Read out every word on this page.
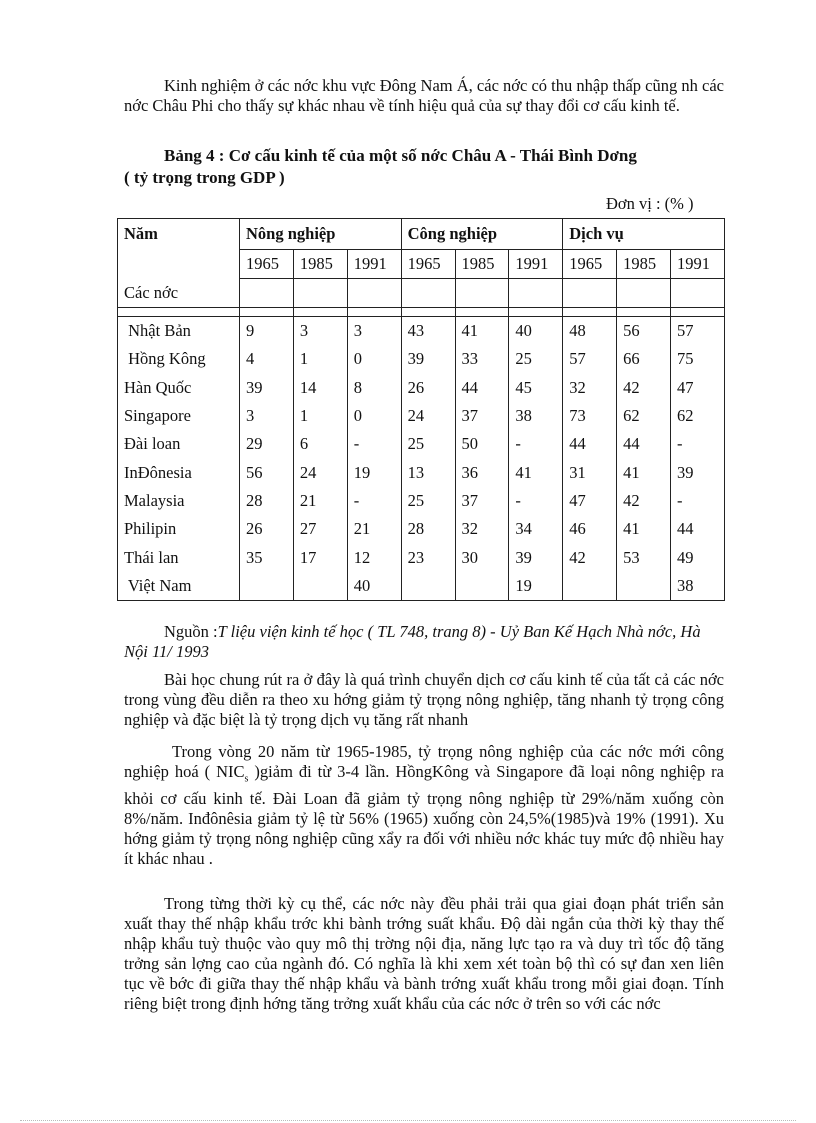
Kinh nghiệm ở các nớc khu vực Đông Nam Á, các nớc có thu nhập thấp cũng nh các nớc Châu Phi cho thấy sự khác nhau về tính hiệu quả của sự thay đổi cơ cấu kinh tế.

Bảng 4 : Cơ cấu kinh tế của một số nớc Châu A - Thái Bình Dơng
( tỷ trọng trong GDP )

Đơn vị : (% )
Năm	Nông nghiệp			Công nghiệp			Dịch vụ		
	1965	1985	1991	1965	1985	1991	1965	1985	1991
Các nớc									

Nhật Bản	9	3	3	43	41	40	48	56	57
Hồng Kông	4	1	0	39	33	25	57	66	75
Hàn Quốc	39	14	8	26	44	45	32	42	47
Singapore	3	1	0	24	37	38	73	62	62
Đài loan	29	6	-	25	50	-	44	44	-
InĐônesia	56	24	19	13	36	41	31	41	39
Malaysia	28	21	-	25	37	-	47	42	-
Philipin	26	27	21	28	32	34	46	41	44
Thái lan	35	17	12	23	30	39	42	53	49
Việt Nam			40			19			38

Nguồn :T liệu viện kinh tế học ( TL 748, trang 8) - Uỷ Ban Kế Hạch Nhà nớc, Hà Nội 11/ 1993

Bài học chung rút ra ở đây là quá trình chuyển dịch cơ cấu kinh tế của tất cả các nớc trong vùng đều diễn ra theo xu hớng giảm tỷ trọng nông nghiệp, tăng nhanh tỷ trọng công nghiệp và đặc biệt là tỷ trọng dịch vụ tăng rất nhanh

Trong vòng 20 năm từ 1965-1985, tỷ trọng nông nghiệp của các nớc mới công nghiệp hoá ( $NIC_s$ )giảm đi từ 3-4 lần. HồngKông và Singapore đã loại nông nghiệp ra khỏi cơ cấu kinh tế. Đài Loan đã giảm tỷ trọng nông nghiệp từ 29%/năm xuống còn 8%/năm. Inđônêsia giảm tỷ lệ từ 56% (1965) xuống còn 24,5%(1985)và 19% (1991). Xu hớng giảm tỷ trọng nông nghiệp cũng xẩy ra đối với nhiều nớc khác tuy mức độ nhiều hay ít khác nhau .

Trong từng thời kỳ cụ thể, các nớc này đều phải trải qua giai đoạn phát triển sản xuất thay thế nhập khẩu trớc khi bành trớng suất khẩu. Độ dài ngắn của thời kỳ thay thế nhập khẩu tuỳ thuộc vào quy mô thị trờng nội địa, năng lực tạo ra và duy trì tốc độ tăng trởng sản lợng cao của ngành đó. Có nghĩa là khi xem xét toàn bộ thì có sự đan xen liên tục về bớc đi giữa thay thế nhập khẩu và bành trớng xuất khẩu trong mỗi giai đoạn. Tính riêng biệt trong định hớng tăng trởng xuất khẩu của các nớc ở trên so với các nớc
